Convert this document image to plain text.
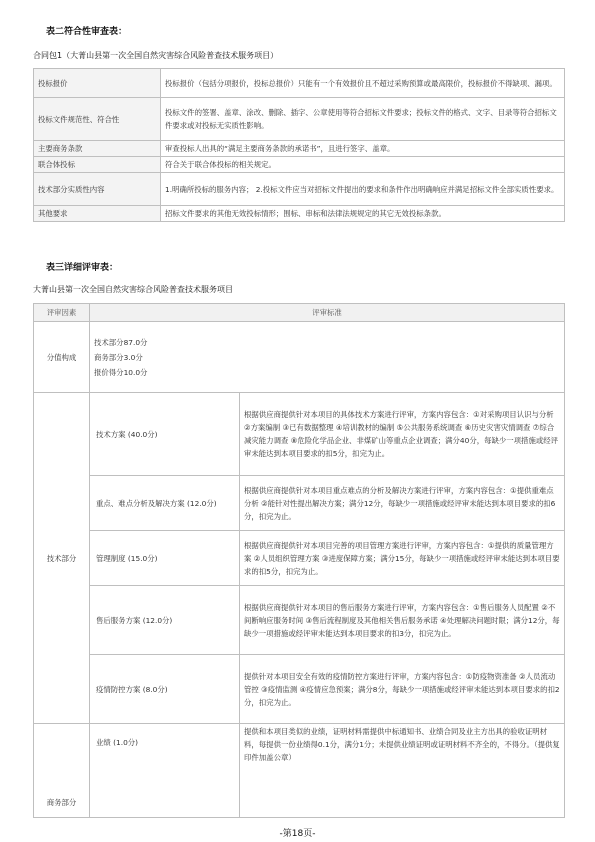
表二符合性审查表：
合同包1（大菁山县第一次全国自然灾害综合风险普查技术服务项目）
投标报价	投标报价（包括分项报价，投标总报价）只能有一个有效报价且不超过采购预算或最高限价，投标报价不得缺项、漏项。
投标文件规范性、符合性	投标文件的签署、盖章、涂改、删除、插字、公章使用等符合招标文件要求；投标文件的格式、文字、目录等符合招标文件要求或对投标无实质性影响。
主要商务条款	审查投标人出具的“满足主要商务条款的承诺书”，且进行签字、盖章。
联合体投标	符合关于联合体投标的相关规定。
技术部分实质性内容	1.明确所投标的服务内容； 2.投标文件应当对招标文件提出的要求和条件作出明确响应并满足招标文件全部实质性要求。
其他要求	招标文件要求的其他无效投标情形；围标、串标和法律法规规定的其它无效投标条款。
表三详细评审表：
大菁山县第一次全国自然灾害综合风险普查技术服务项目
评审因素	评审标准	
分值构成	技术部分87.0分
商务部分3.0分
报价得分10.0分	

技术部分	技术方案 (40.0分)	根据供应商提供针对本项目的具体技术方案进行评审，方案内容包含：①对采购项目认识与分析 ②方案编制 ③已有数据整理 ④培训教材的编制 ⑤公共服务系统调查 ⑥历史灾害灾情调查 ⑦综合减灾能力调查 ⑧危险化学品企业、非煤矿山等重点企业调查；满分40分，每缺少一项措施或经评审未能达到本项目要求的扣5分，扣完为止。
	重点、难点分析及解决方案 (12.0分)	根据供应商提供针对本项目重点难点的分析及解决方案进行评审，方案内容包含：①提供重难点分析 ②能针对性提出解决方案；满分12分，每缺少一项措施或经评审未能达到本项目要求的扣6分，扣完为止。
	管理制度 (15.0分)	根据供应商提供针对本项目完善的项目管理方案进行评审，方案内容包含：①提供的质量管理方案 ②人员组织管理方案 ③进度保障方案；满分15分，每缺少一项措施或经评审未能达到本项目要求的扣5分，扣完为止。
	售后服务方案 (12.0分)	根据供应商提供针对本项目的售后服务方案进行评审，方案内容包含：①售后服务人员配置 ②不间断响应服务时间 ③售后流程制度及其他相关售后服务承诺 ④处理解决问题时限；满分12分，每缺少一项措施或经评审未能达到本项目要求的扣3分，扣完为止。
	疫情防控方案 (8.0分)	提供针对本项目安全有效的疫情防控方案进行评审，方案内容包含：①防疫物资准备 ②人员流动管控 ③疫情监测 ④疫情应急预案；满分8分，每缺少一项措施或经评审未能达到本项目要求的扣2分，扣完为止。
商务部分	业绩 (1.0分)	提供和本项目类似的业绩，证明材料需提供中标通知书、业绩合同及业主方出具的验收证明材料，每提供一份业绩得0.1分，满分1分；未提供业绩证明或证明材料不齐全的，不得分。（提供复印件加盖公章）
-第18页-
